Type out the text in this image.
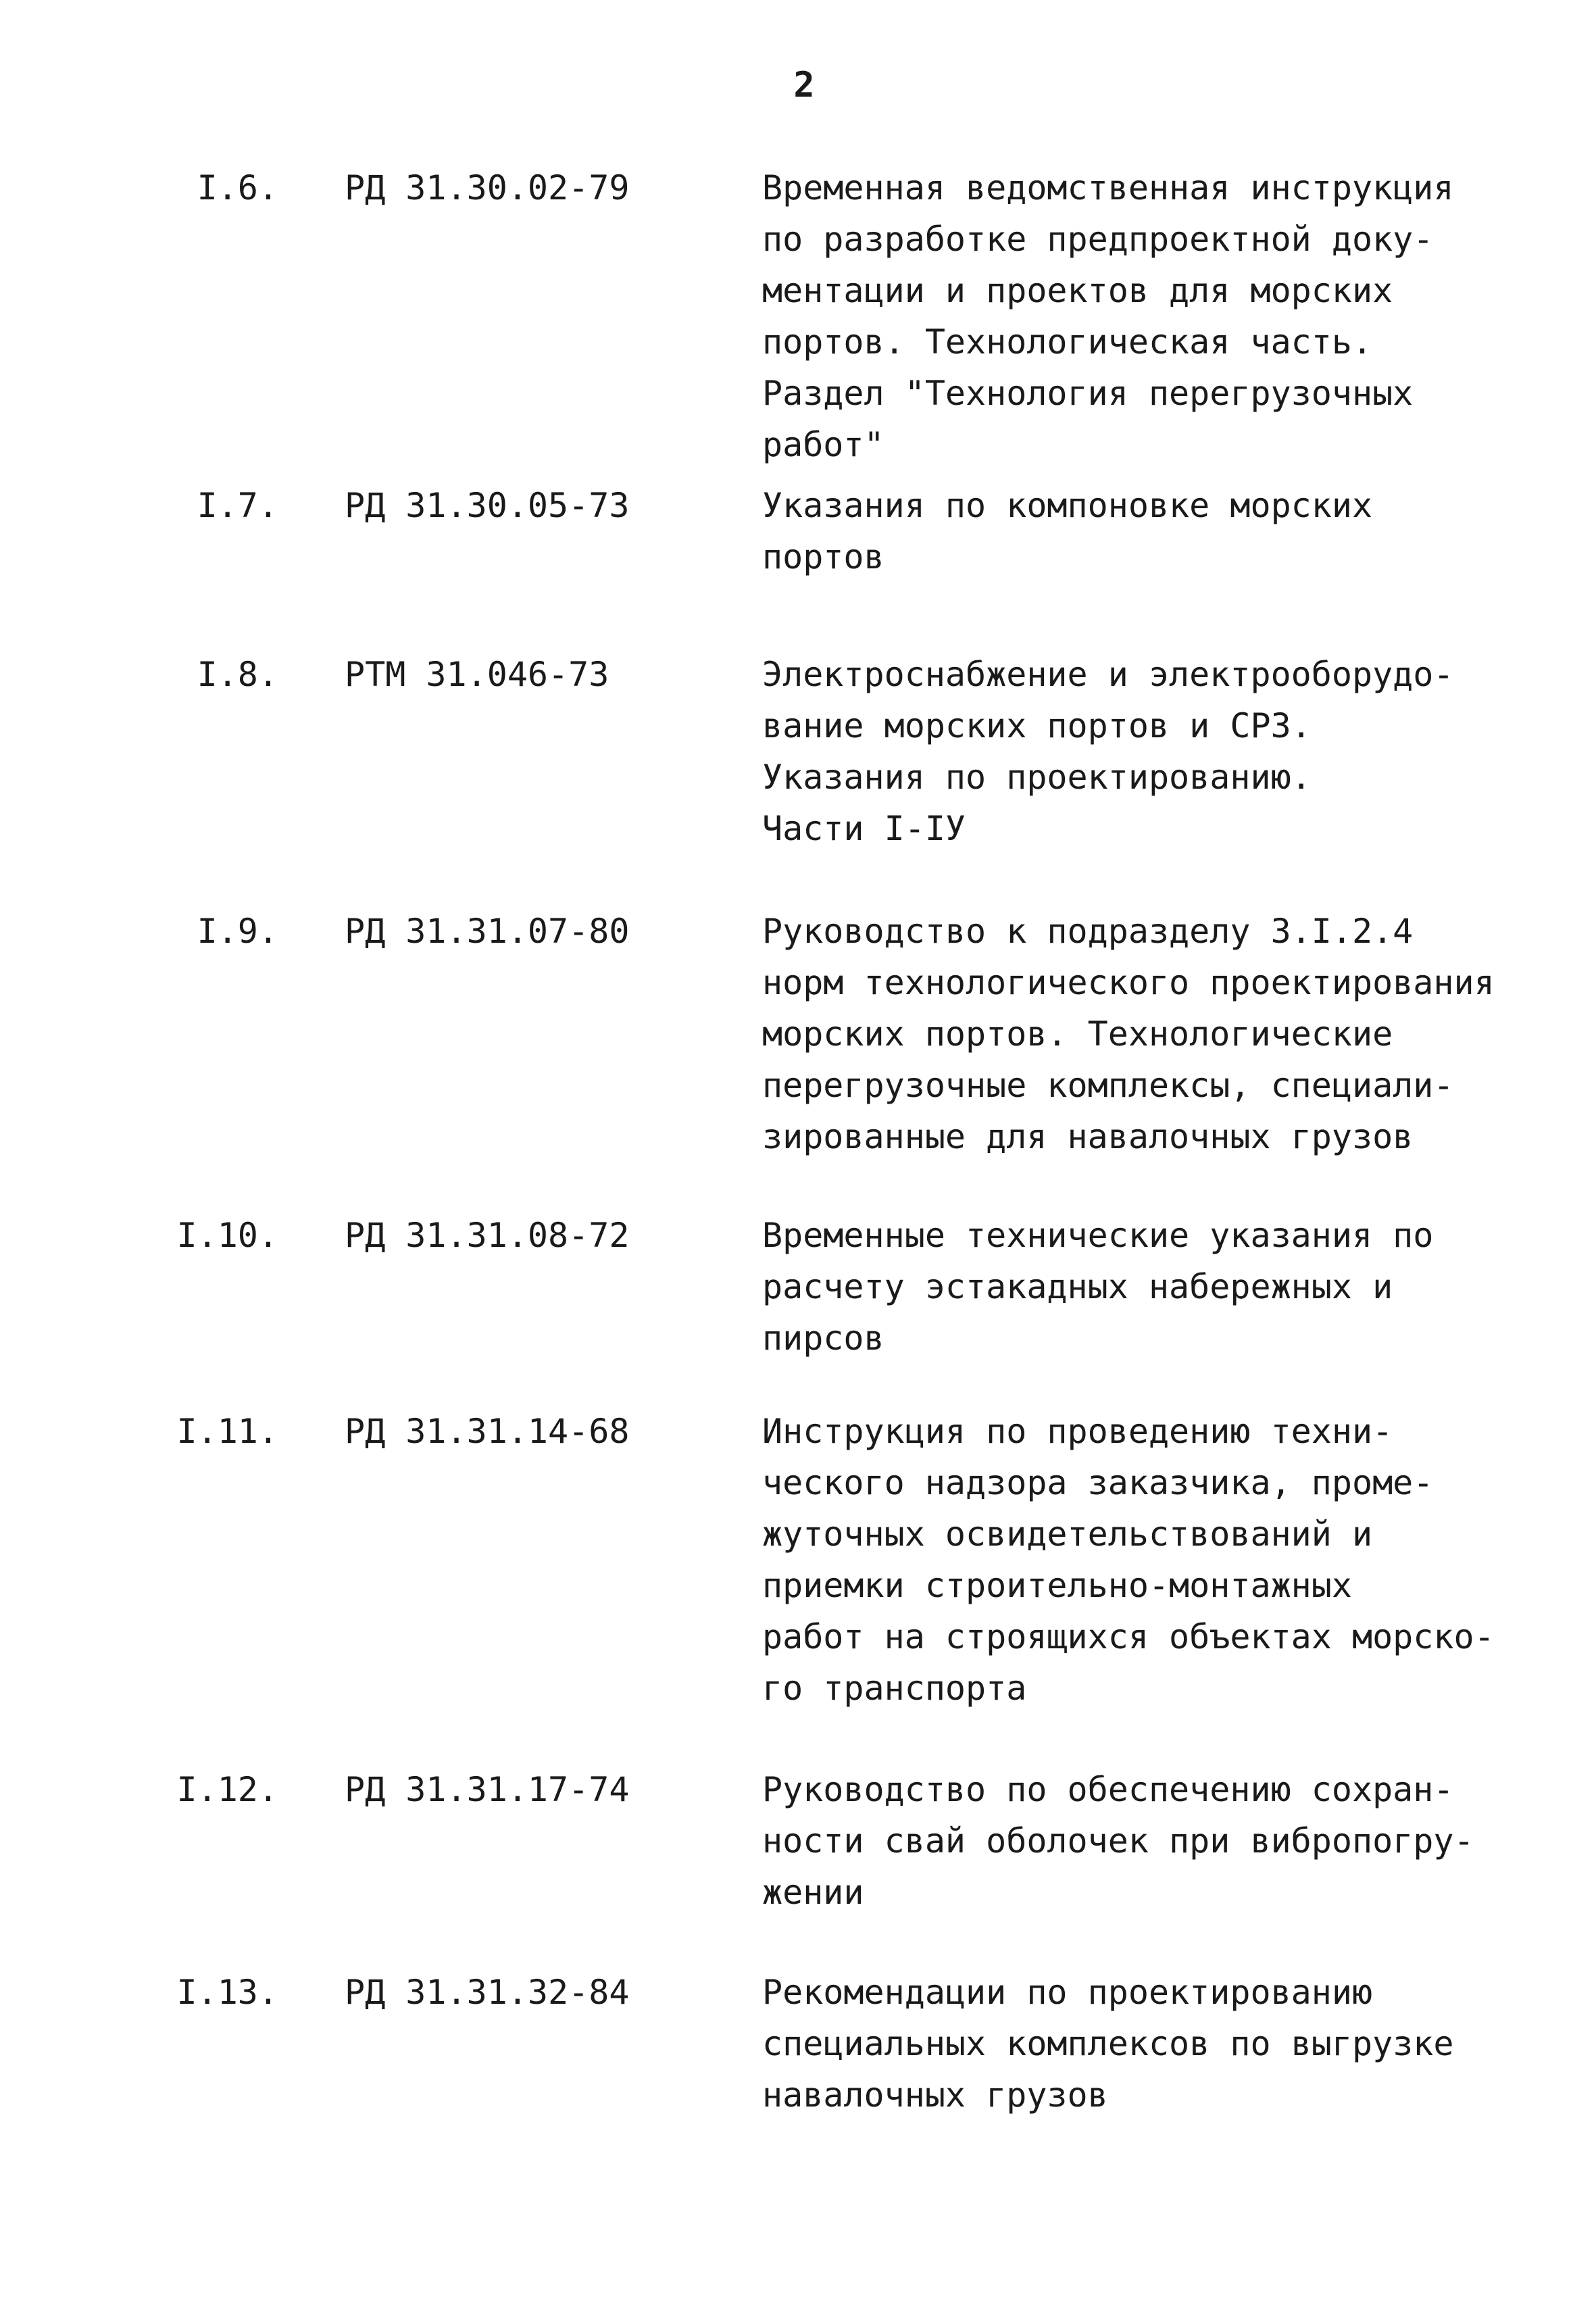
2
I.6. РД 31.30.02-79	Временная ведомственная инструкция
по разработке предпроектной доку-
ментации и проектов для морских
портов. Технологическая часть.
Раздел "Технология перегрузочных
работ"
I.7. РД 31.30.05-73	Указания по компоновке морских
портов
I.8. РТМ 31.046-73	Электроснабжение и электрооборудо-
вание морских портов и СРЗ.
Указания по проектированию.
Части I-IУ
I.9. РД 31.31.07-80	Руководство к подразделу 3.I.2.4
норм технологического проектирования
морских портов. Технологические
перегрузочные комплексы, специали-
зированные для навалочных грузов
I.10. РД 31.31.08-72	Временные технические указания по
расчету эстакадных набережных и
пирсов
I.11. РД 31.31.14-68	Инструкция по проведению техни-
ческого надзора заказчика, проме-
жуточных освидетельствований и
приемки строительно-монтажных
работ на строящихся объектах морско-
го транспорта
I.12. РД 31.31.17-74	Руководство по обеспечению сохран-
ности свай оболочек при вибропогру-
жении
I.13. РД 31.31.32-84	Рекомендации по проектированию
специальных комплексов по выгрузке
навалочных грузов
